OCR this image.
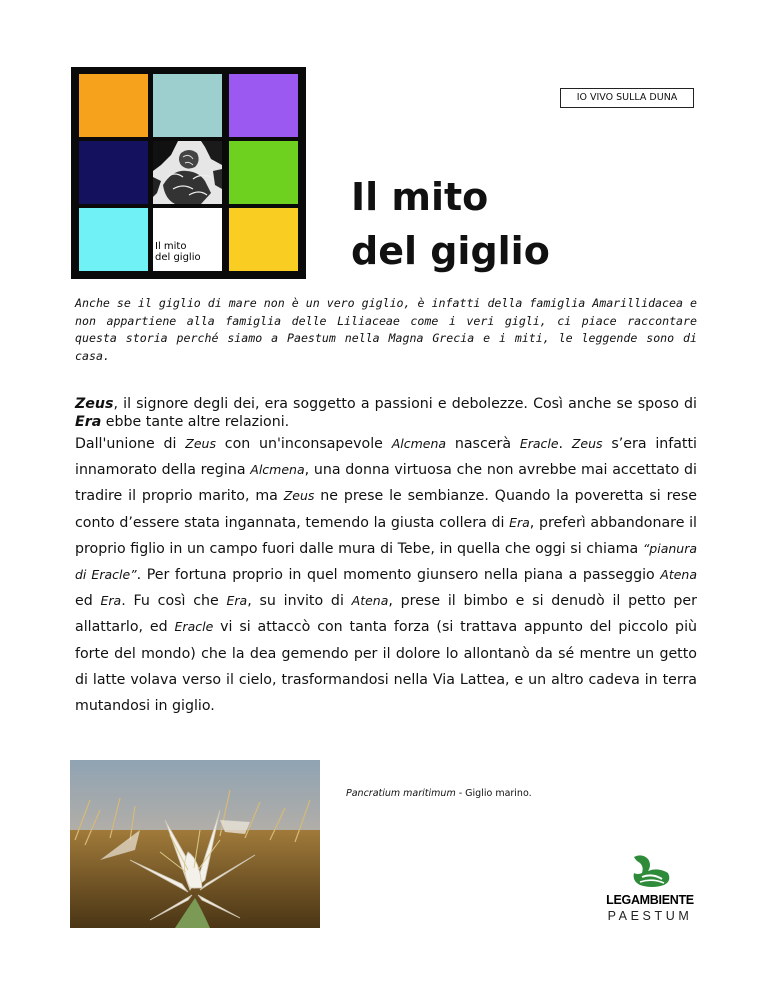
Il mito
del giglio
IO VIVO SULLA DUNA
Il mito
del giglio
Anche se il giglio di mare non è un vero giglio, è infatti della famiglia Amarillidacea e non appartiene alla famiglia delle Liliaceae come i veri gigli, ci piace raccontare questa storia perché siamo a Paestum nella Magna Grecia e i miti, le leggende sono di casa.
Zeus, il signore degli dei, era soggetto a passioni e debolezze. Così anche se sposo di Era ebbe tante altre relazioni.
Dall'unione di Zeus con un'inconsapevole Alcmena nascerà Eracle. Zeus s’era infatti innamorato della regina Alcmena, una donna virtuosa che non avrebbe mai accettato di tradire il proprio marito, ma Zeus ne prese le sembianze. Quando la poveretta si rese conto d’essere stata ingannata, temendo la giusta collera di Era, preferì abbandonare il proprio figlio in un campo fuori dalle mura di Tebe, in quella che oggi si chiama “pianura di Eracle”. Per fortuna proprio in quel momento giunsero nella piana a passeggio Atena ed Era. Fu così che Era, su invito di Atena, prese il bimbo e si denudò il petto per allattarlo, ed Eracle vi si attaccò con tanta forza (si trattava appunto del piccolo più forte del mondo) che la dea gemendo per il dolore lo allontanò da sé mentre un getto di latte volava verso il cielo, trasformandosi nella Via Lattea, e un altro cadeva in terra mutandosi in giglio.
Pancratium maritimum - Giglio marino.
LEGAMBIENTE
PAESTUM
